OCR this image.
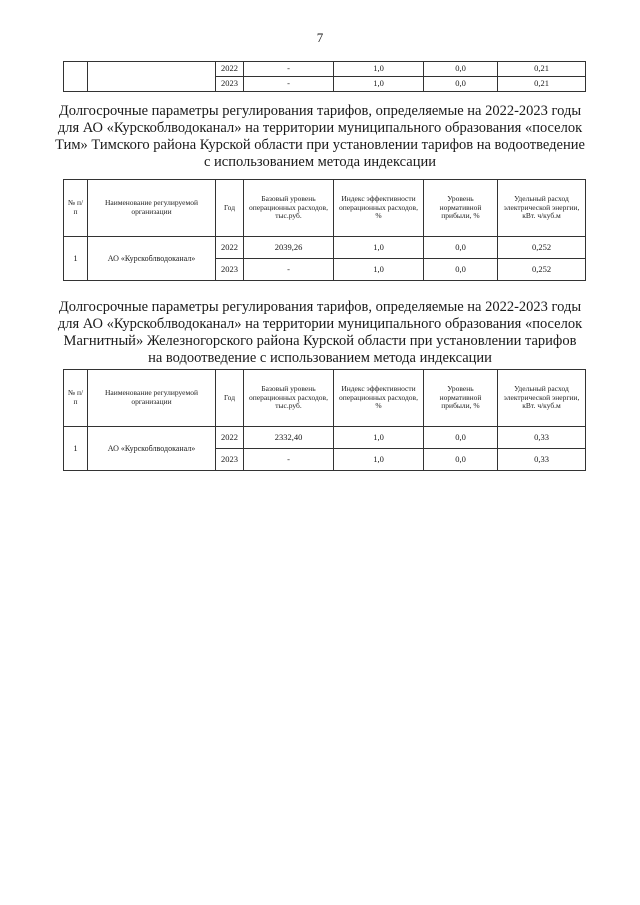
7
		2022	-	1,0	0,0	0,21
		2023	-	1,0	0,0	0,21
Долгосрочные параметры регулирования тарифов, определяемые на 2022-2023 годы для АО «Курскоблводоканал» на территории муниципального образования «поселок Тим» Тимского района Курской области при установлении тарифов на водоотведение с использованием метода индексации
№ п/п	Наименование регулируемой организации	Год	Базовый уровень операционных расходов, тыс.руб.	Индекс эффективности операционных расходов, %	Уровень нормативной прибыли, %	Удельный расход электрической энергии, кВт. ч/куб.м
1	АО «Курскоблводоканал»	2022	2039,26	1,0	0,0	0,252
		2023	-	1,0	0,0	0,252
Долгосрочные параметры регулирования тарифов, определяемые на 2022-2023 годы для АО «Курскоблводоканал» на территории муниципального образования «поселок Магнитный» Железногорского района Курской области при установлении тарифов на водоотведение с использованием метода индексации
№ п/п	Наименование регулируемой организации	Год	Базовый уровень операционных расходов, тыс.руб.	Индекс эффективности операционных расходов, %	Уровень нормативной прибыли, %	Удельный расход электрической энергии, кВт. ч/куб.м
1	АО «Курскоблводоканал»	2022	2332,40	1,0	0,0	0,33
		2023	-	1,0	0,0	0,33
